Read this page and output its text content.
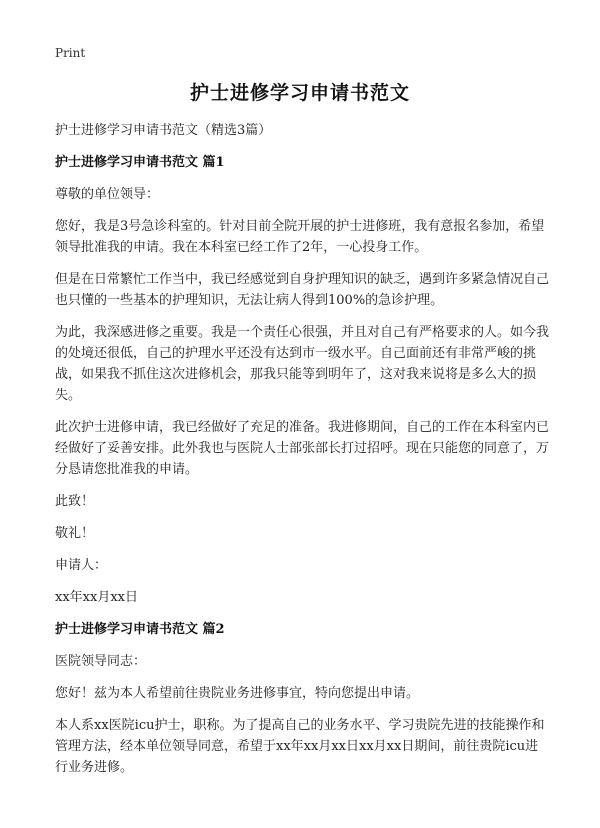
Print
护士进修学习申请书范文

护士进修学习申请书范文（精选3篇）

护士进修学习申请书范文 篇1

尊敬的单位领导：

您好，我是3号急诊科室的。针对目前全院开展的护士进修班，我有意报名参加，希望领导批准我的申请。我在本科室已经工作了2年，一心投身工作。

但是在日常繁忙工作当中，我已经感觉到自身护理知识的缺乏，遇到许多紧急情况自己也只懂的一些基本的护理知识，无法让病人得到100%的急诊护理。

为此，我深感进修之重要。我是一个责任心很强，并且对自己有严格要求的人。如今我的处境还很低，自己的护理水平还没有达到市一级水平。自己面前还有非常严峻的挑战，如果我不抓住这次进修机会，那我只能等到明年了，这对我来说将是多么大的损失。

此次护士进修申请，我已经做好了充足的准备。我进修期间，自己的工作在本科室内已经做好了妥善安排。此外我也与医院人士部张部长打过招呼。现在只能您的同意了，万分恳请您批准我的申请。

此致！

敬礼！

申请人：

xx年xx月xx日

护士进修学习申请书范文 篇2

医院领导同志：

您好！兹为本人希望前往贵院业务进修事宜，特向您提出申请。

本人系xx医院icu护士，职称。为了提高自己的业务水平、学习贵院先进的技能操作和管理方法，经本单位领导同意，希望于xx年xx月xx日xx月xx日期间，前往贵院icu进行业务进修。
